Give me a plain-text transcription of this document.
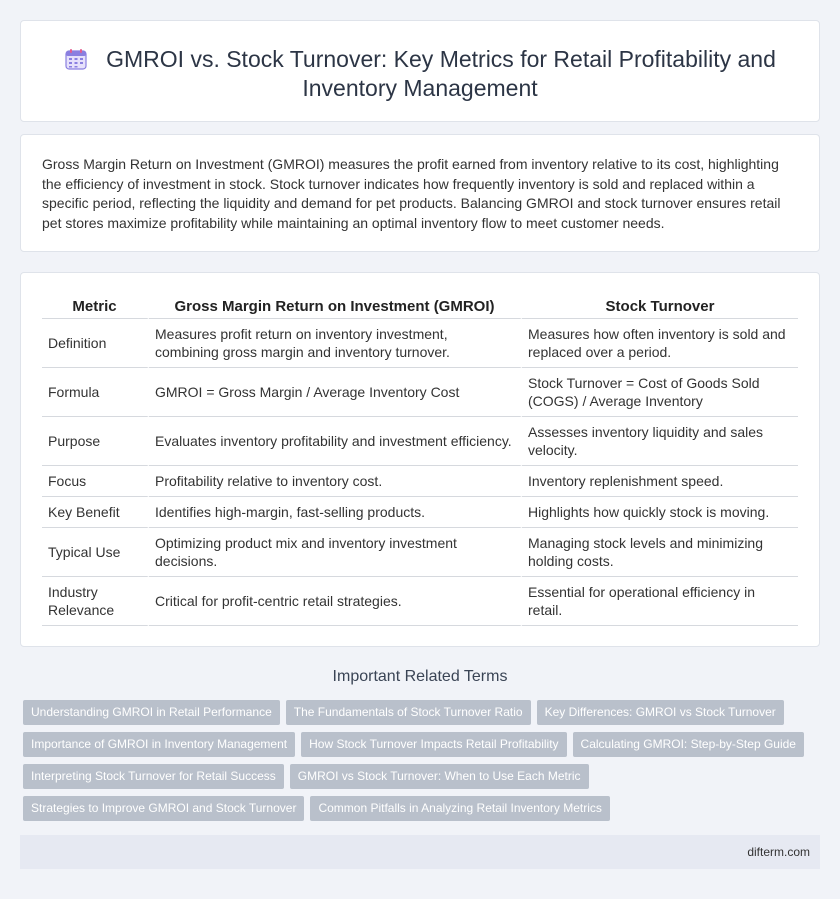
GMROI vs. Stock Turnover: Key Metrics for Retail Profitability and Inventory Management

Gross Margin Return on Investment (GMROI) measures the profit earned from inventory relative to its cost, highlighting the efficiency of investment in stock. Stock turnover indicates how frequently inventory is sold and replaced within a specific period, reflecting the liquidity and demand for pet products. Balancing GMROI and stock turnover ensures retail pet stores maximize profitability while maintaining an optimal inventory flow to meet customer needs.

Metric	Gross Margin Return on Investment (GMROI)	Stock Turnover
Definition	Measures profit return on inventory investment, combining gross margin and inventory turnover.	Measures how often inventory is sold and replaced over a period.
Formula	GMROI = Gross Margin / Average Inventory Cost	Stock Turnover = Cost of Goods Sold (COGS) / Average Inventory
Purpose	Evaluates inventory profitability and investment efficiency.	Assesses inventory liquidity and sales velocity.
Focus	Profitability relative to inventory cost.	Inventory replenishment speed.
Key Benefit	Identifies high-margin, fast-selling products.	Highlights how quickly stock is moving.
Typical Use	Optimizing product mix and inventory investment decisions.	Managing stock levels and minimizing holding costs.
Industry Relevance	Critical for profit-centric retail strategies.	Essential for operational efficiency in retail.
Important Related Terms
Understanding GMROI in Retail Performance The Fundamentals of Stock Turnover Ratio Key Differences: GMROI vs Stock Turnover
Importance of GMROI in Inventory Management How Stock Turnover Impacts Retail Profitability Calculating GMROI: Step-by-Step Guide
Interpreting Stock Turnover for Retail Success GMROI vs Stock Turnover: When to Use Each Metric
Strategies to Improve GMROI and Stock Turnover Common Pitfalls in Analyzing Retail Inventory Metrics
difterm.com
